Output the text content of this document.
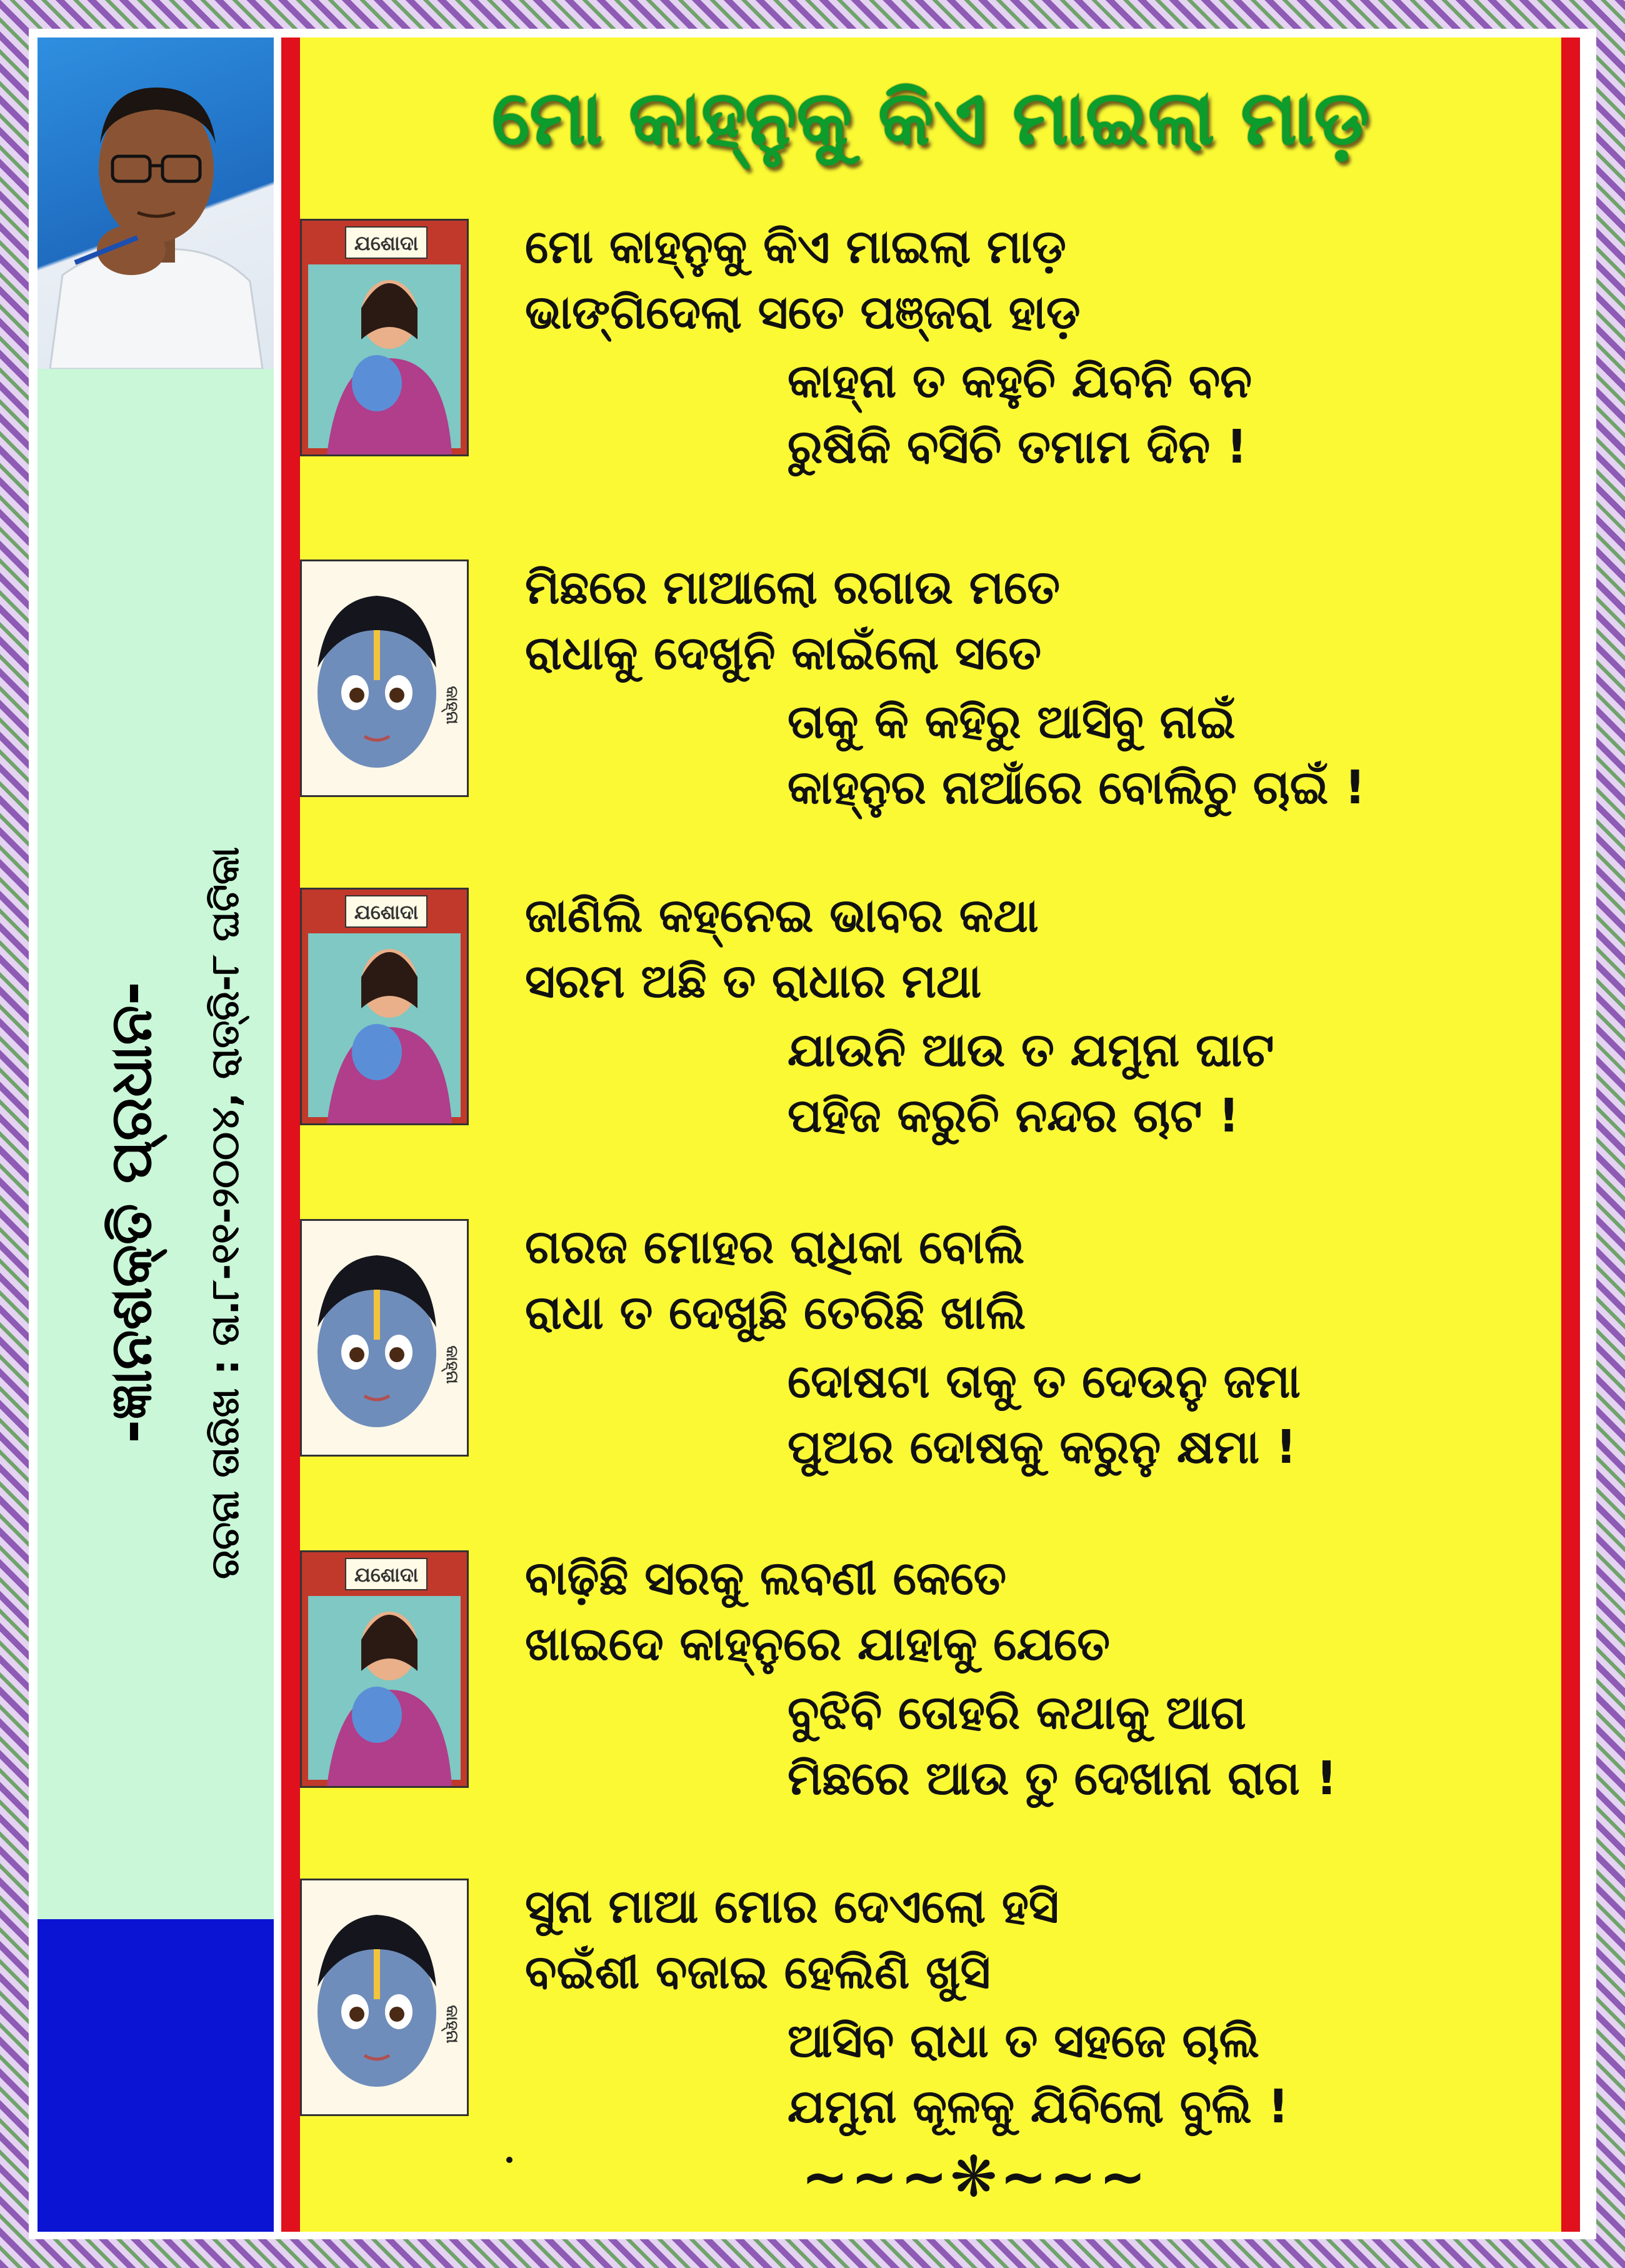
-ଜ୍ଞାନଶକ୍ତି ପ୍ରଧାନ- ରଚନା ତାରିଖ : ତା.୮-୧୧-୨୦୦୪, ରାତ୍ରି-୮ ଘଟିକା
ମୋ କାହ୍ନୁକୁ କିଏ ମାଇଲା ମାଡ଼
ଯଶୋଦା ମୋ କାହ୍ନୁକୁ କିଏ ମାଇଲା ମାଡ଼
ଭାଙ୍ଗିଦେଲା ସତେ ପଞ୍ଜରା ହାଡ଼
କାହ୍ନା ତ କହୁଚି ଯିବନି ବନ
ରୁଷିକି ବସିଚି ତମାମ ଦିନ !
କାହ୍ନା
ମିଛରେ ମାଆଲୋ ରଗାଉ ମତେ
ରାଧାକୁ ଦେଖୁନି କାଇଁଲୋ ସତେ
ତାକୁ କି କହିରୁ ଆସିବୁ ନାଇଁ
କାହ୍ନୁର ନାଆଁରେ ବୋଲିଚୁ ଚାଇଁ !
ଯଶୋଦା ଜାଣିଲି କହ୍ନେଇ ଭାବର କଥା
ସରମ ଅଛି ତ ରାଧାର ମଥା
ଯାଉନି ଆଉ ତ ଯମୁନା ଘାଟ
ପହିଜ କରୁଚି ନନ୍ଦର ଚାଟ !
କାହ୍ନା
ଗରଜ ମୋହର ରାଧିକା ବୋଲି
ରାଧା ତ ଦେଖୁଛି ତେରିଛି ଖାଲି
ଦୋଷଟା ତାକୁ ତ ଦେଉନୁ ଜମା
ପୁଅର ଦୋଷକୁ କରୁନୁ କ୍ଷମା !
ଯଶୋଦା ବାଢ଼ିଛି ସରକୁ ଲବଣୀ କେତେ
ଖାଇଦେ କାହ୍ନୁରେ ଯାହାକୁ ଯେତେ
ବୁଝିବି ତୋହରି କଥାକୁ ଆଗ
ମିଛରେ ଆଉ ତୁ ଦେଖାନା ରାଗ !
କାହ୍ନା
ସୁନା ମାଆ ମୋର ଦେଏଲୋ ହସି
ବଇଁଶୀ ବଜାଇ ହେଲିଣି ଖୁସି
ଆସିବ ରାଧା ତ ସହଜେ ଚାଲି
ଯମୁନା କୂଳକୁ ଯିବିଲୋ ବୁଲି !
~~~❋~~~
